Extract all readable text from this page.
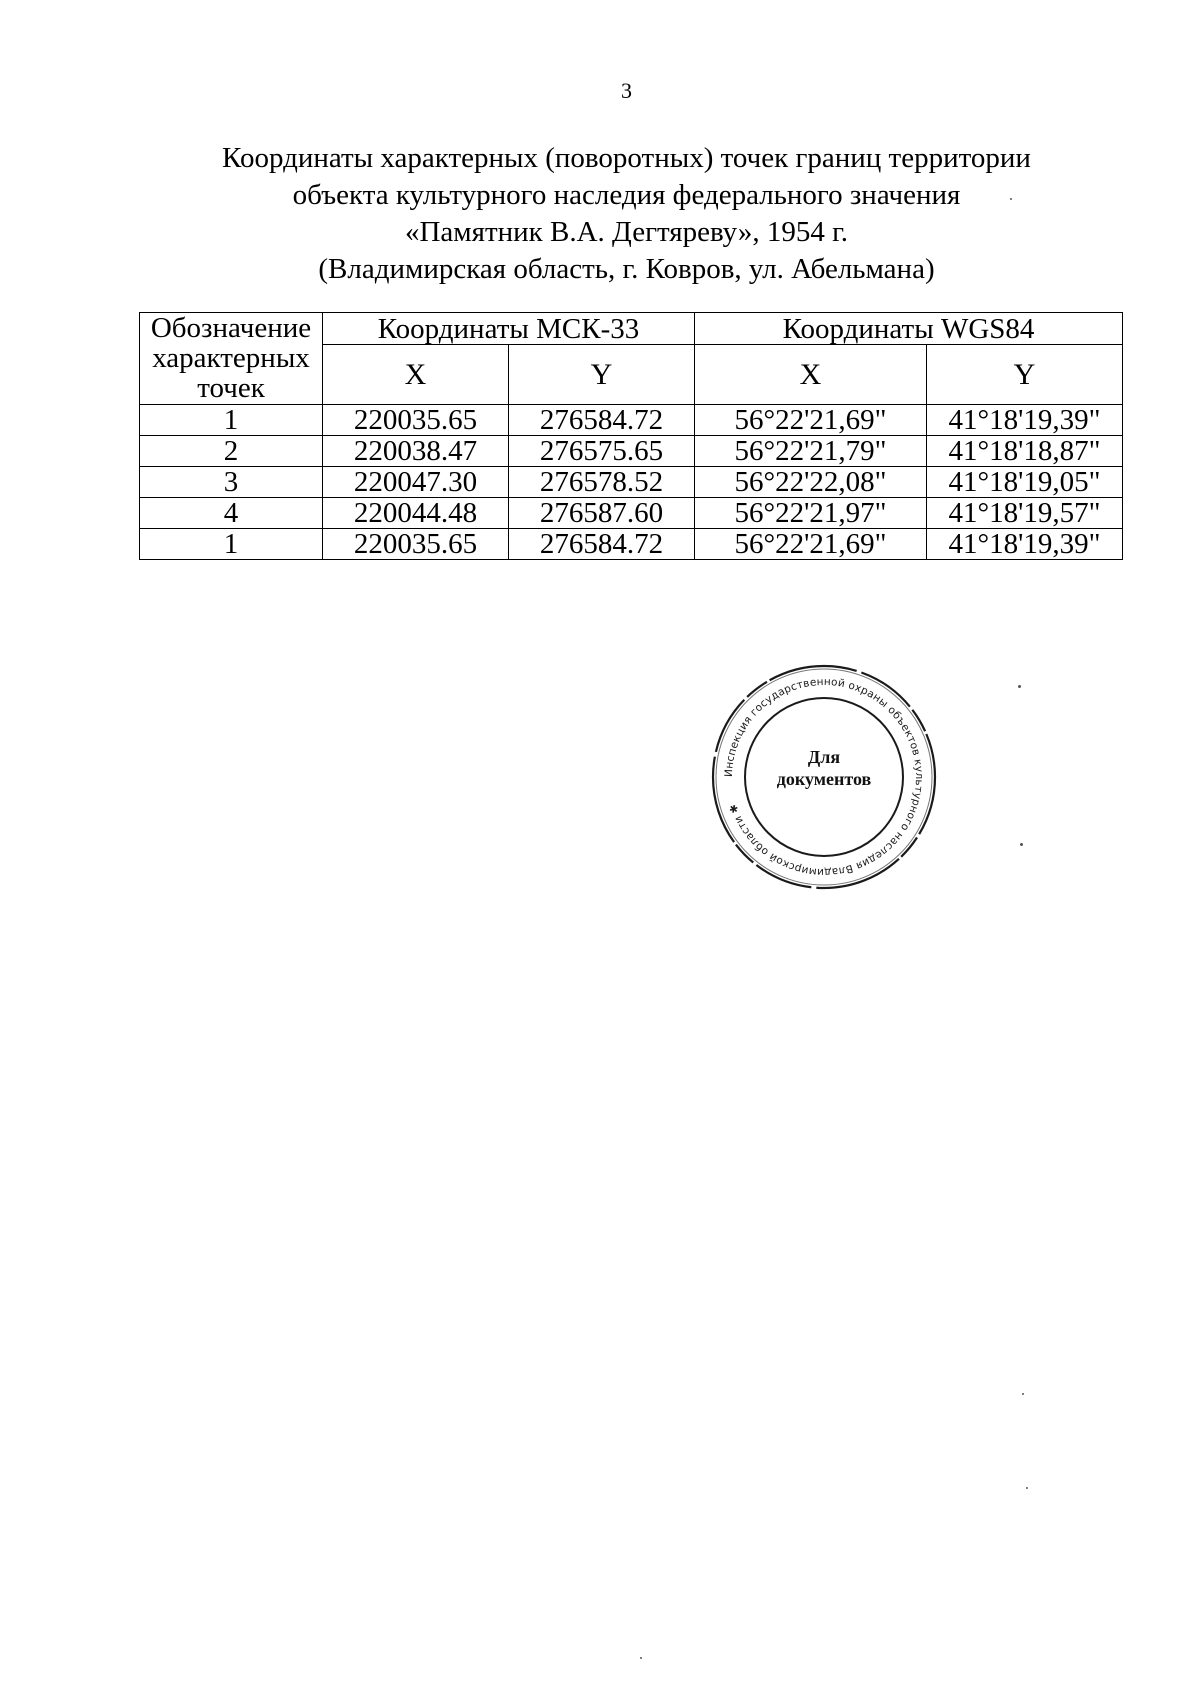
3
Координаты характерных (поворотных) точек границ территории
объекта культурного наследия федерального значения
«Памятник В.А. Дегтяреву», 1954 г.
(Владимирская область, г. Ковров, ул. Абельмана)
Обозначение характерных точек	Координаты МСК-33		Координаты WGS84	
	X	Y	X	Y
1	220035.65	276584.72	56°22'21,69"	41°18'19,39"
2	220038.47	276575.65	56°22'21,79"	41°18'18,87"
3	220047.30	276578.52	56°22'22,08"	41°18'19,05"
4	220044.48	276587.60	56°22'21,97"	41°18'19,57"
1	220035.65	276584.72	56°22'21,69"	41°18'19,39"
Инспекция государственной охраны объектов культурного наследия Владимирской области ✱
Для
документов
